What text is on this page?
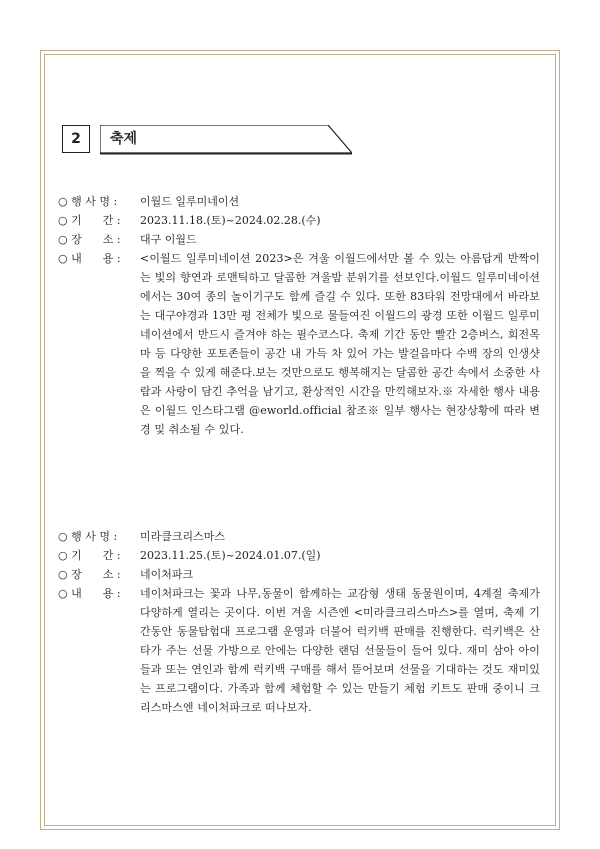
2	축제
○ 행 사 명 : 이월드 일루미네이션
○ 기      간 : 2023.11.18.(토)~2024.02.28.(수)
○ 장      소 : 대구 이월드
○ 내      용 : <이월드 일루미네이션 2023>은 겨울 이월드에서만 볼 수 있는 아름답게 반짝이는 빛의 향연과 로맨틱하고 달콤한 겨울밤 분위기를 선보인다.이월드 일루미네이션에서는 30여 종의 놀이기구도 함께 즐길 수 있다. 또한 83타워 전망대에서 바라보는 대구야경과 13만 평 전체가 빛으로 물들여진 이월드의 광경 또한 이월드 일루미네이션에서 반드시 즐겨야 하는 필수코스다. 축제 기간 동안 빨간 2층버스, 회전목마 등 다양한 포토존들이 공간 내 가득 차 있어 가는 발걸음마다 수백 장의 인생샷을 찍을 수 있게 해준다.보는 것만으로도 행복해지는 달콤한 공간 속에서 소중한 사람과 사랑이 담긴 추억을 남기고, 환상적인 시간을 만끽해보자.※ 자세한 행사 내용은 이월드 인스타그램 @eworld.official 참조※ 일부 행사는 현장상황에 따라 변경 및 취소될 수 있다.
○ 행 사 명 : 미라클크리스마스
○ 기      간 : 2023.11.25.(토)~2024.01.07.(일)
○ 장      소 : 네이처파크
○ 내      용 : 네이처파크는 꽃과 나무,동물이 함께하는 교감형 생태 동물원이며, 4계절 축제가 다양하게 열리는 곳이다. 이번 겨울 시즌엔 <미라클크리스마스>를 열며, 축제 기간동안 동물탐험대 프로그램 운영과 더불어 럭키백 판매를 진행한다. 럭키백은 산타가 주는 선물 가방으로 안에는 다양한 랜덤 선물들이 들어 있다. 재미 삼아 아이들과 또는 연인과 함께 럭키백 구매를 해서 뜯어보며 선물을 기대하는 것도 재미있는 프로그램이다. 가족과 함께 체험할 수 있는 만들기 체험 키트도 판매 중이니 크리스마스엔 네이처파크로 떠나보자.
